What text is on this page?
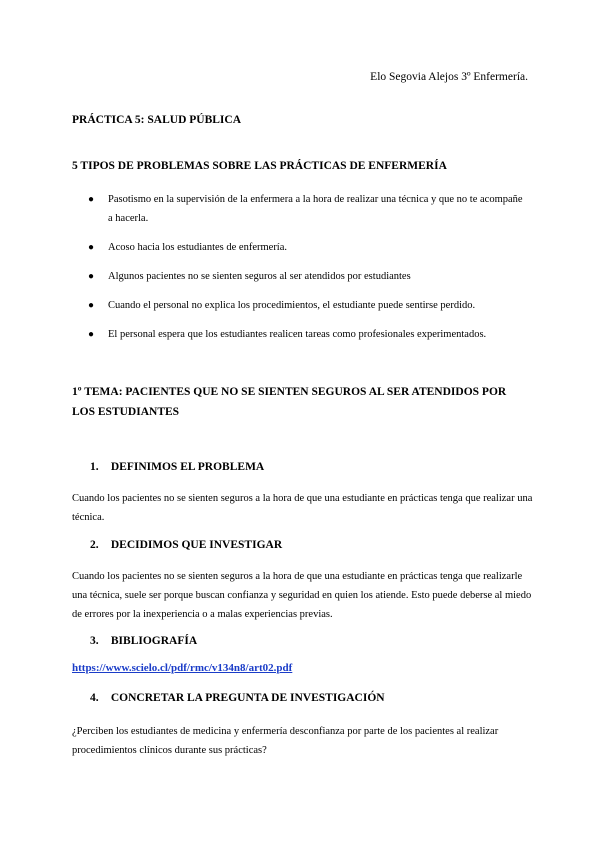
Elo Segovia Alejos 3º Enfermería.
PRÁCTICA 5: SALUD PÚBLICA
5 TIPOS DE PROBLEMAS SOBRE LAS PRÁCTICAS DE ENFERMERÍA
● Pasotismo en la supervisión de la enfermera a la hora de realizar una técnica y que no te acompañe a hacerla.
● Acoso hacia los estudiantes de enfermería.
● Algunos pacientes no se sienten seguros al ser atendidos por estudiantes
● Cuando el personal no explica los procedimientos, el estudiante puede sentirse perdido.
● El personal espera que los estudiantes realicen tareas como profesionales experimentados.
1º TEMA: PACIENTES QUE NO SE SIENTEN SEGUROS AL SER ATENDIDOS POR LOS ESTUDIANTES
1. DEFINIMOS EL PROBLEMA
Cuando los pacientes no se sienten seguros a la hora de que una estudiante en prácticas tenga que realizar una técnica.
2. DECIDIMOS QUE INVESTIGAR
Cuando los pacientes no se sienten seguros a la hora de que una estudiante en prácticas tenga que realizarle una técnica, suele ser porque buscan confianza y seguridad en quien los atiende. Esto puede deberse al miedo de errores por la inexperiencia o a malas experiencias previas.
3. BIBLIOGRAFÍA
https://www.scielo.cl/pdf/rmc/v134n8/art02.pdf
4. CONCRETAR LA PREGUNTA DE INVESTIGACIÓN
¿Perciben los estudiantes de medicina y enfermería desconfianza por parte de los pacientes al realizar procedimientos clínicos durante sus prácticas?
